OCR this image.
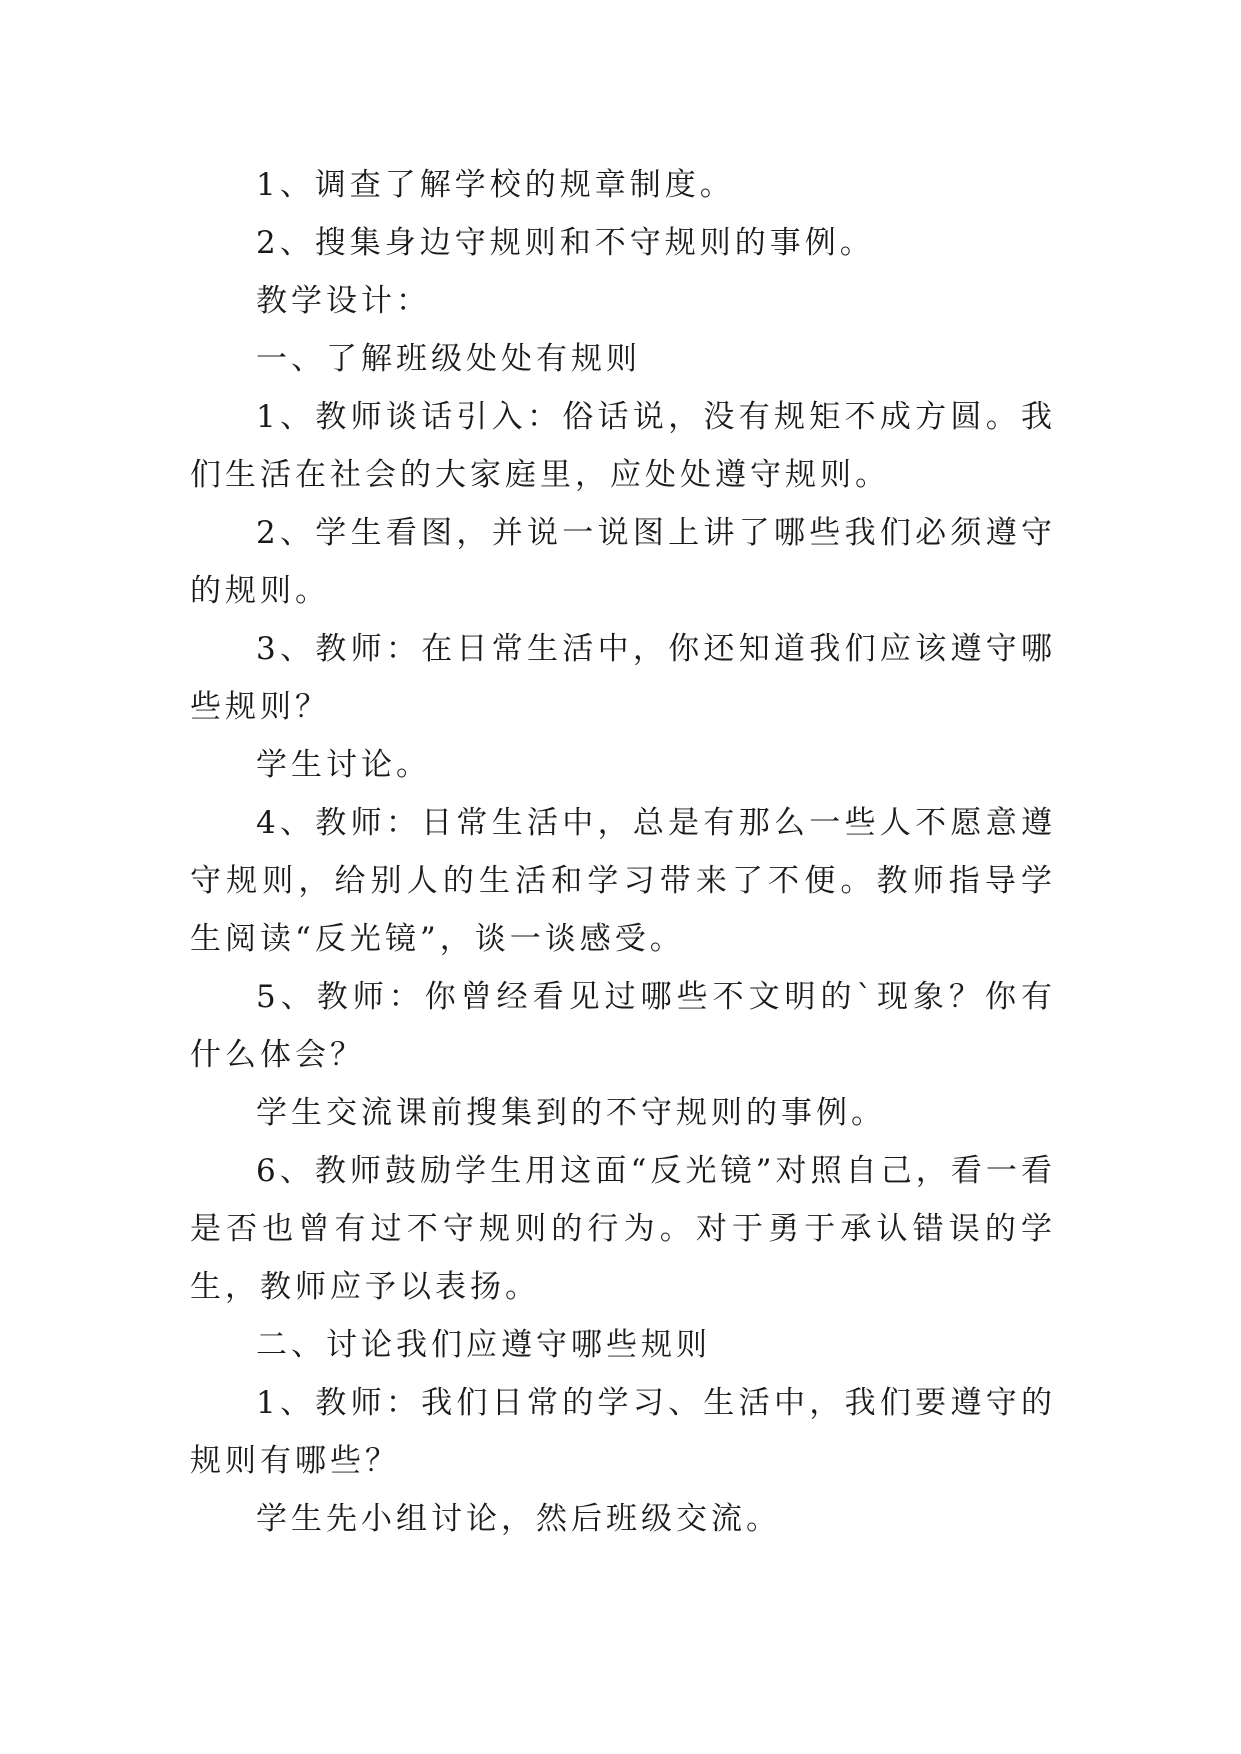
1、调查了解学校的规章制度。

2、搜集身边守规则和不守规则的事例。

教学设计：

一、了解班级处处有规则

1、教师谈话引入：俗话说，没有规矩不成方圆。我们生活在社会的大家庭里，应处处遵守规则。

2、学生看图，并说一说图上讲了哪些我们必须遵守的规则。

3、教师：在日常生活中，你还知道我们应该遵守哪些规则？

学生讨论。

4、教师：日常生活中，总是有那么一些人不愿意遵守规则，给别人的生活和学习带来了不便。教师指导学生阅读“反光镜”，谈一谈感受。

5、教师：你曾经看见过哪些不文明的`现象？你有什么体会？

学生交流课前搜集到的不守规则的事例。

6、教师鼓励学生用这面“反光镜”对照自己，看一看是否也曾有过不守规则的行为。对于勇于承认错误的学生，教师应予以表扬。

二、讨论我们应遵守哪些规则

1、教师：我们日常的学习、生活中，我们要遵守的规则有哪些？

学生先小组讨论，然后班级交流。
